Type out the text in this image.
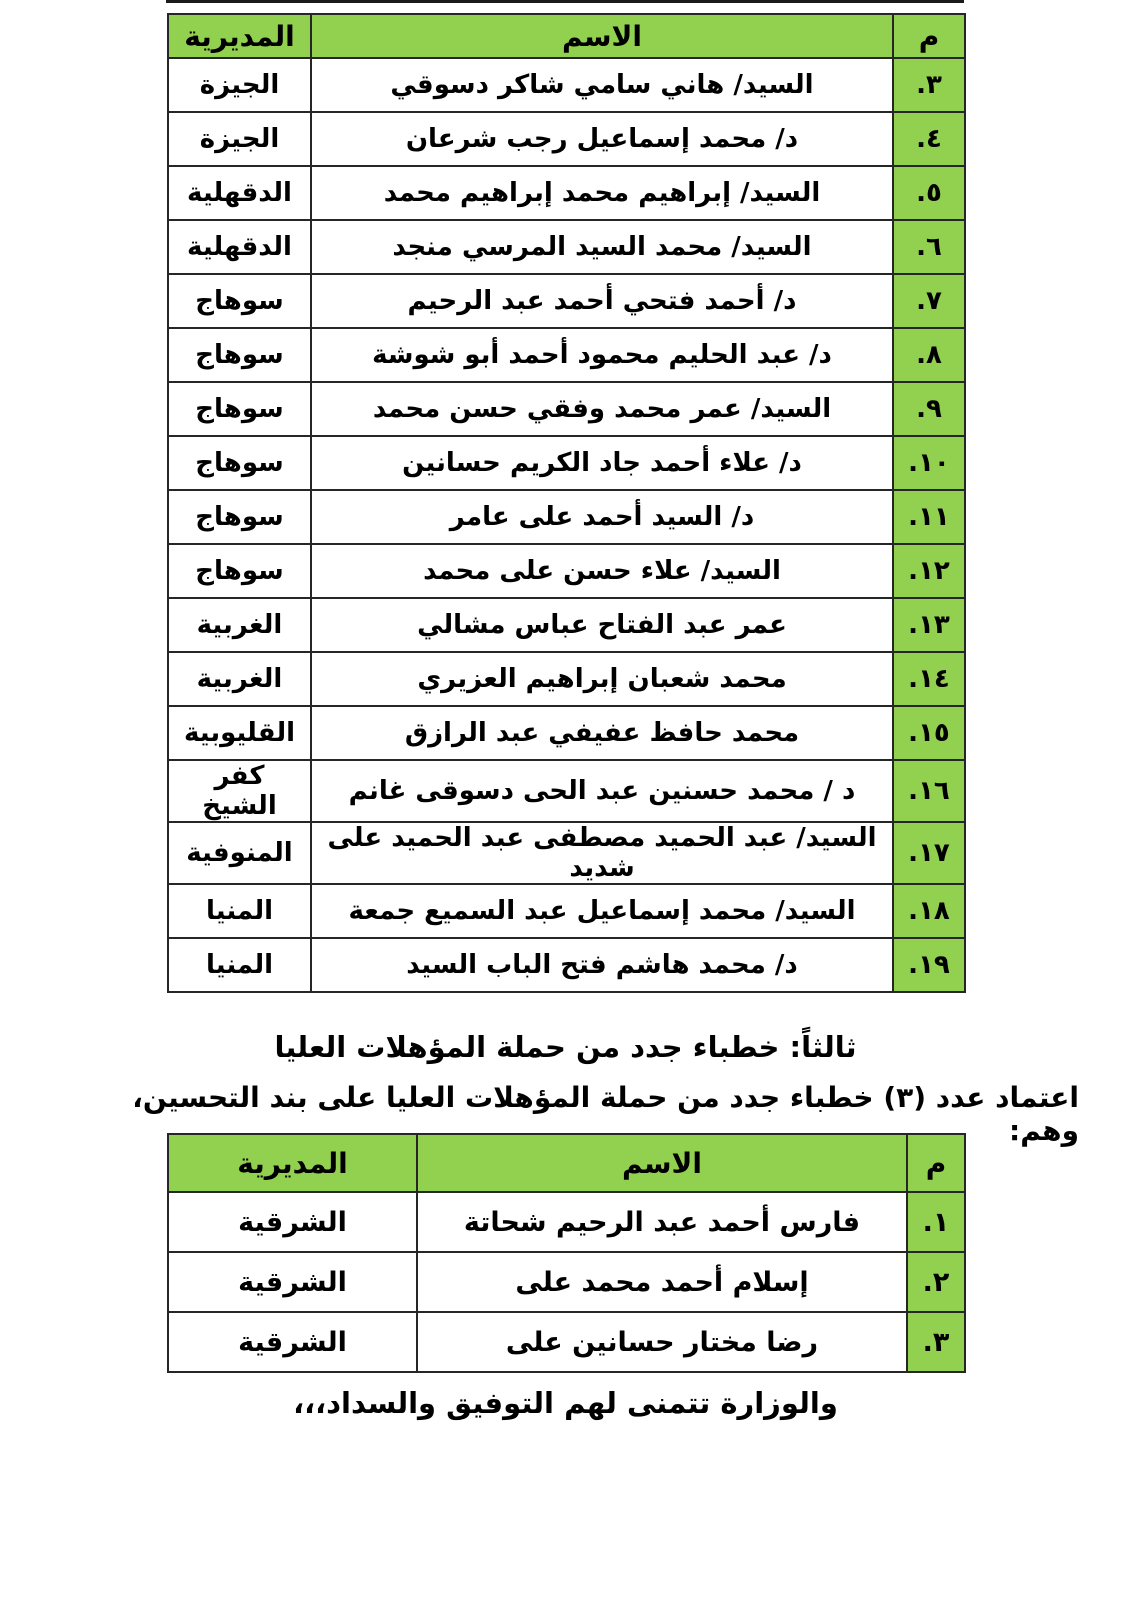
م	الاسم	المديرية
٣.	السيد/ هاني سامي شاكر دسوقي	الجيزة
٤.	د/ محمد إسماعيل رجب شرعان	الجيزة
٥.	السيد/ إبراهيم محمد إبراهيم محمد	الدقهلية
٦.	السيد/ محمد السيد المرسي منجد	الدقهلية
٧.	د/ أحمد فتحي أحمد عبد الرحيم	سوهاج
٨.	د/ عبد الحليم محمود أحمد أبو شوشة	سوهاج
٩.	السيد/ عمر محمد وفقي حسن محمد	سوهاج
١٠.	د/ علاء أحمد جاد الكريم حسانين	سوهاج
١١.	د/ السيد أحمد على عامر	سوهاج
١٢.	السيد/ علاء حسن على محمد	سوهاج
١٣.	عمر عبد الفتاح عباس مشالي	الغربية
١٤.	محمد شعبان إبراهيم العزيري	الغربية
١٥.	محمد حافظ عفيفي عبد الرازق	القليوبية
١٦.	د / محمد حسنين عبد الحى دسوقى غانم	كفر الشيخ
١٧.	السيد/ عبد الحميد مصطفى عبد الحميد على شديد	المنوفية
١٨.	السيد/ محمد إسماعيل عبد السميع جمعة	المنيا
١٩.	د/ محمد هاشم فتح الباب السيد	المنيا
ثالثاً: خطباء جدد من حملة المؤهلات العليا
اعتماد عدد (٣) خطباء جدد من حملة المؤهلات العليا على بند التحسين، وهم:
م	الاسم	المديرية
١.	فارس أحمد عبد الرحيم شحاتة	الشرقية
٢.	إسلام أحمد محمد على	الشرقية
٣.	رضا مختار حسانين على	الشرقية
والوزارة تتمنى لهم التوفيق والسداد،،،
